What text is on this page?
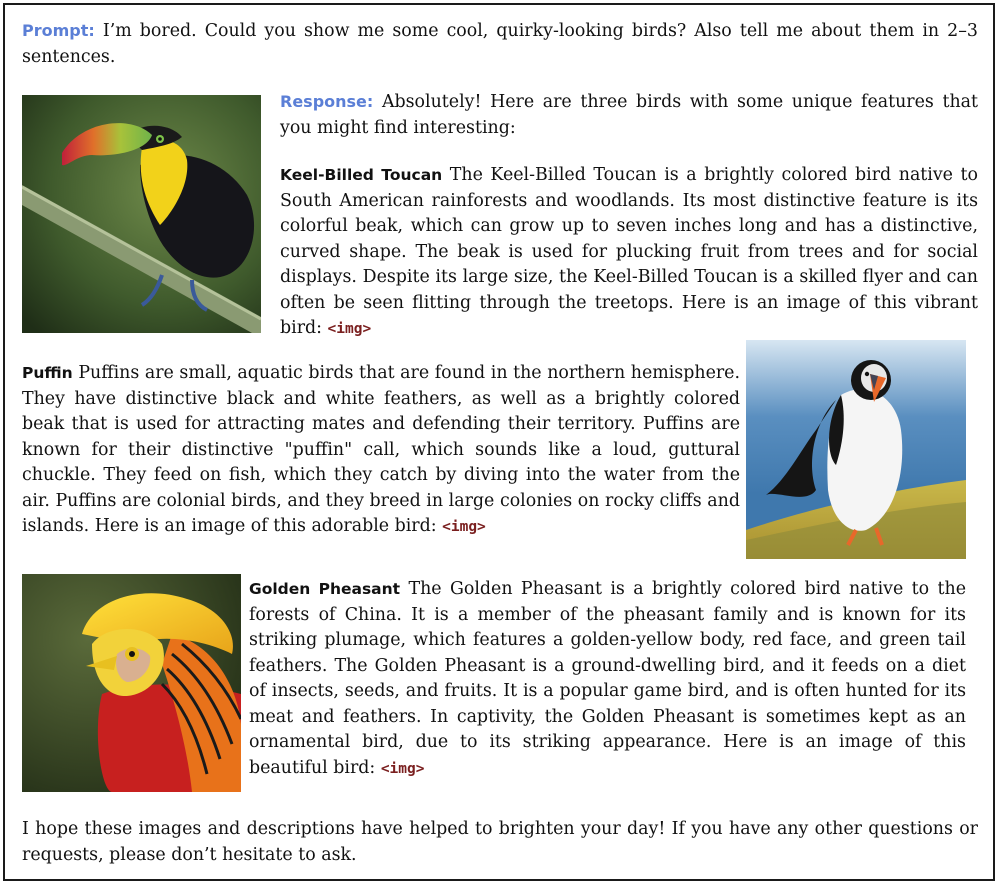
Prompt: I’m bored. Could you show me some cool, quirky-looking birds? Also tell me about them in 2–3 sentences.
Response: Absolutely! Here are three birds with some unique features that you might find interesting:
Keel-Billed Toucan The Keel-Billed Toucan is a brightly colored bird native to South American rainforests and woodlands. Its most distinctive feature is its colorful beak, which can grow up to seven inches long and has a distinctive, curved shape. The beak is used for plucking fruit from trees and for social displays. Despite its large size, the Keel-Billed Toucan is a skilled flyer and can often be seen flitting through the treetops. Here is an image of this vibrant bird: <img>
Puffin Puffins are small, aquatic birds that are found in the northern hemisphere. They have distinctive black and white feathers, as well as a brightly colored beak that is used for attracting mates and defending their territory. Puffins are known for their distinctive "puffin" call, which sounds like a loud, guttural chuckle. They feed on fish, which they catch by diving into the water from the air. Puffins are colonial birds, and they breed in large colonies on rocky cliffs and islands. Here is an image of this adorable bird: <img>
Golden Pheasant The Golden Pheasant is a brightly colored bird native to the forests of China. It is a member of the pheasant family and is known for its striking plumage, which features a golden-yellow body, red face, and green tail feathers. The Golden Pheasant is a ground-dwelling bird, and it feeds on a diet of insects, seeds, and fruits. It is a popular game bird, and is often hunted for its meat and feathers. In captivity, the Golden Pheasant is sometimes kept as an ornamental bird, due to its striking appearance. Here is an image of this beautiful bird: <img>
I hope these images and descriptions have helped to brighten your day! If you have any other questions or requests, please don’t hesitate to ask.
